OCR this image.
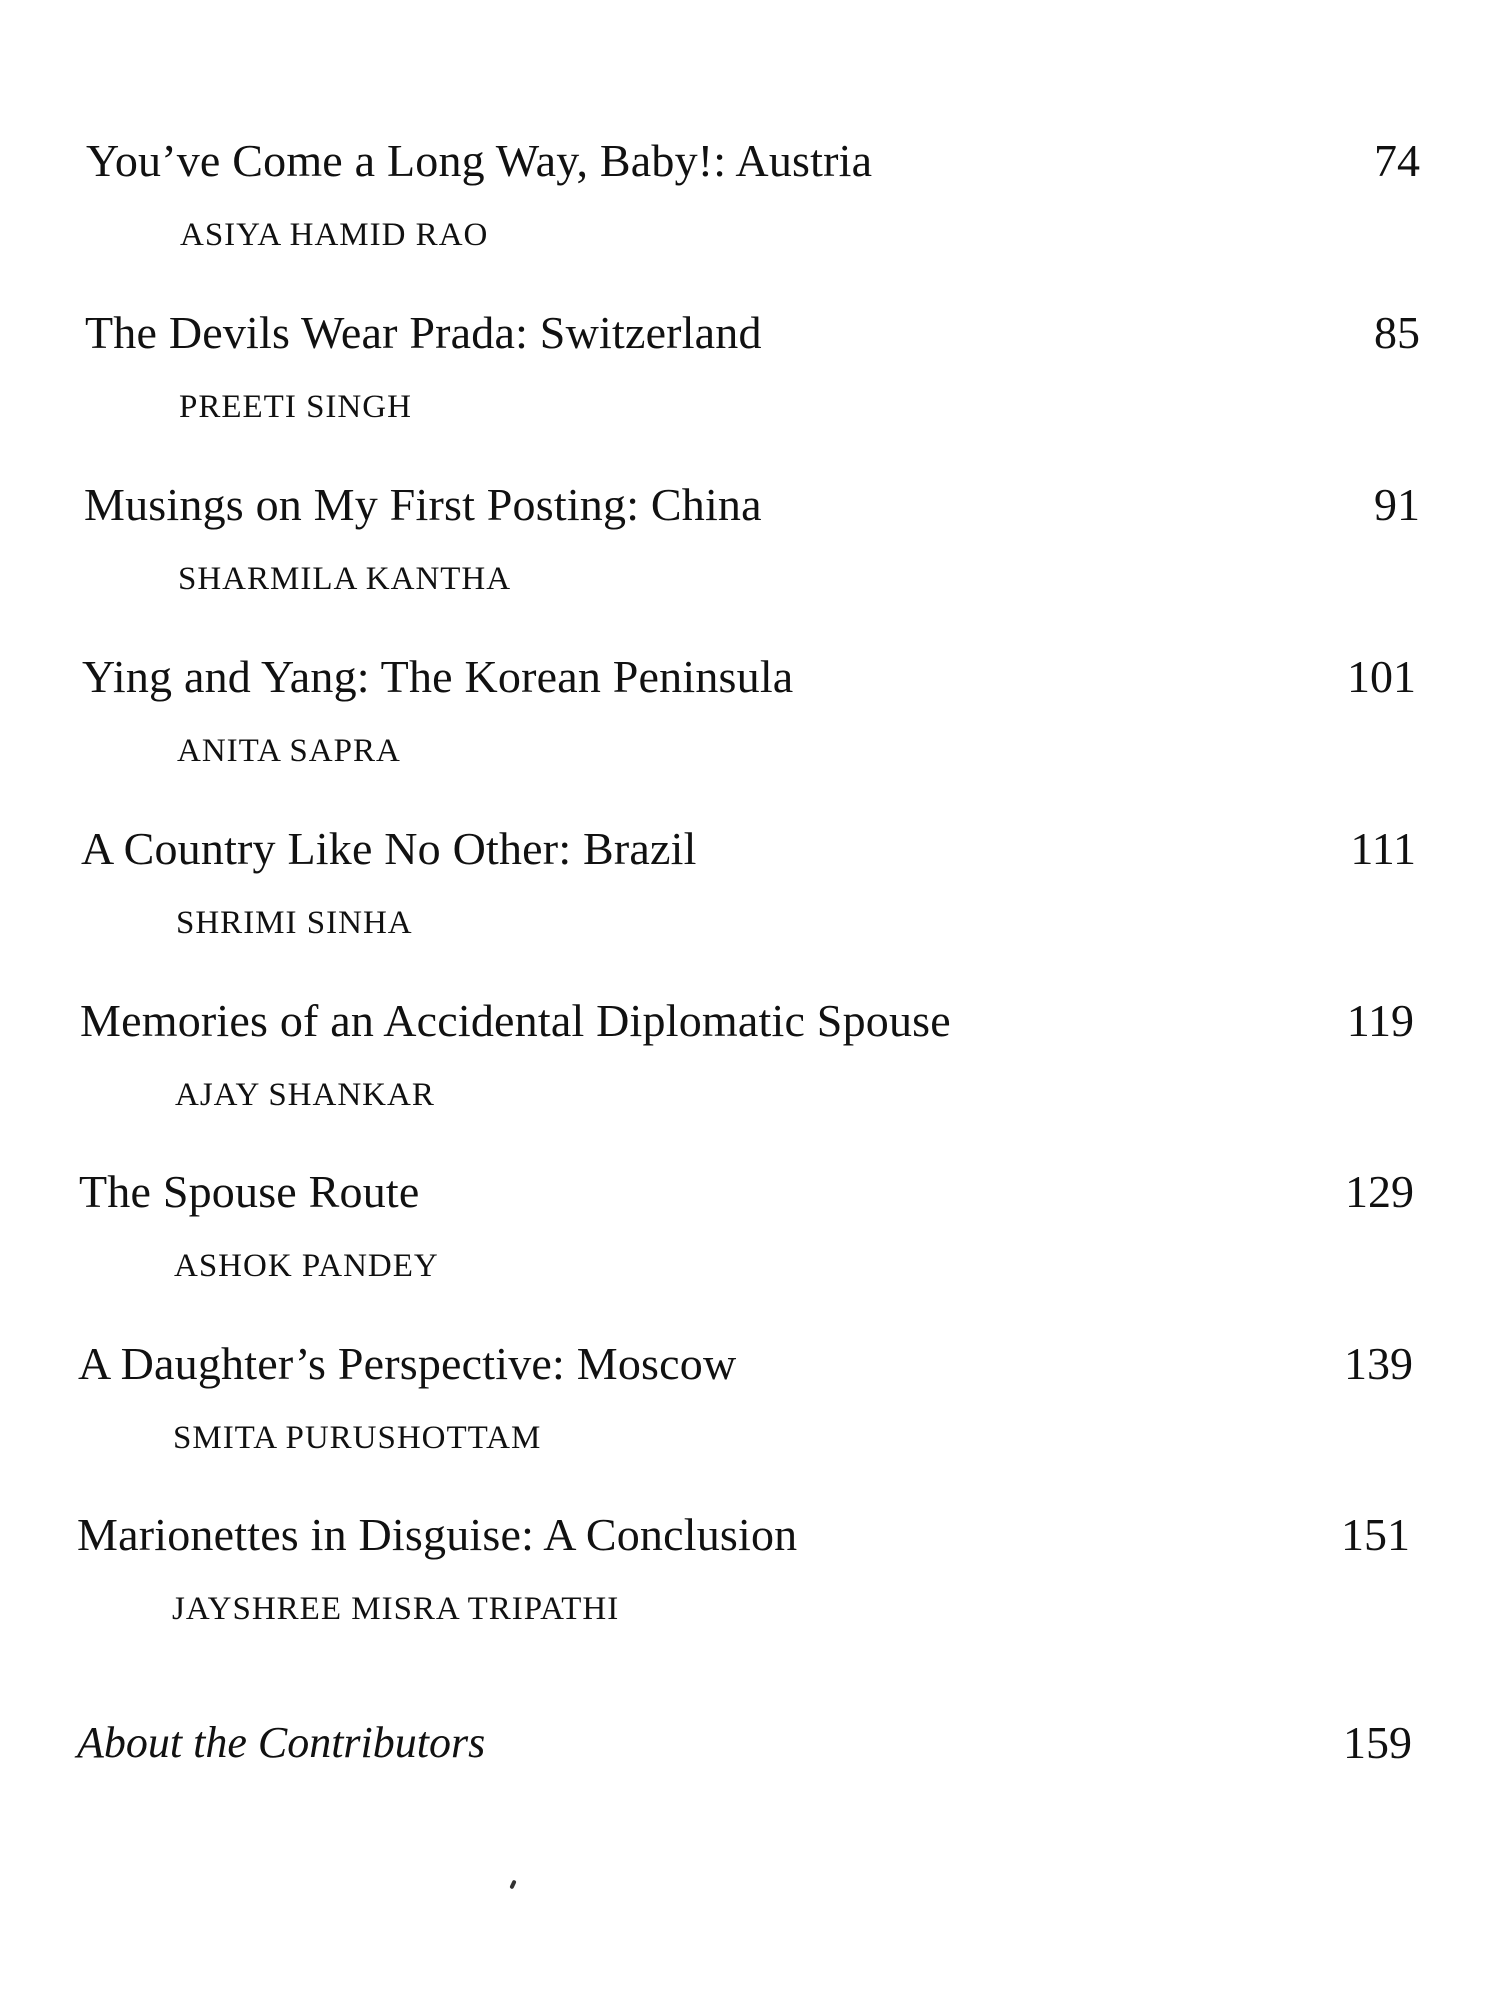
You’ve Come a Long Way, Baby!: Austria
ASIYA HAMID RAO
74
The Devils Wear Prada: Switzerland
PREETI SINGH
85
Musings on My First Posting: China
SHARMILA KANTHA
91
Ying and Yang: The Korean Peninsula
ANITA SAPRA
101
A Country Like No Other: Brazil
SHRIMI SINHA
111
Memories of an Accidental Diplomatic Spouse
AJAY SHANKAR
119
The Spouse Route
ASHOK PANDEY
129
A Daughter’s Perspective: Moscow
SMITA PURUSHOTTAM
139
Marionettes in Disguise: A Conclusion
JAYSHREE MISRA TRIPATHI
151
About the Contributors	159
